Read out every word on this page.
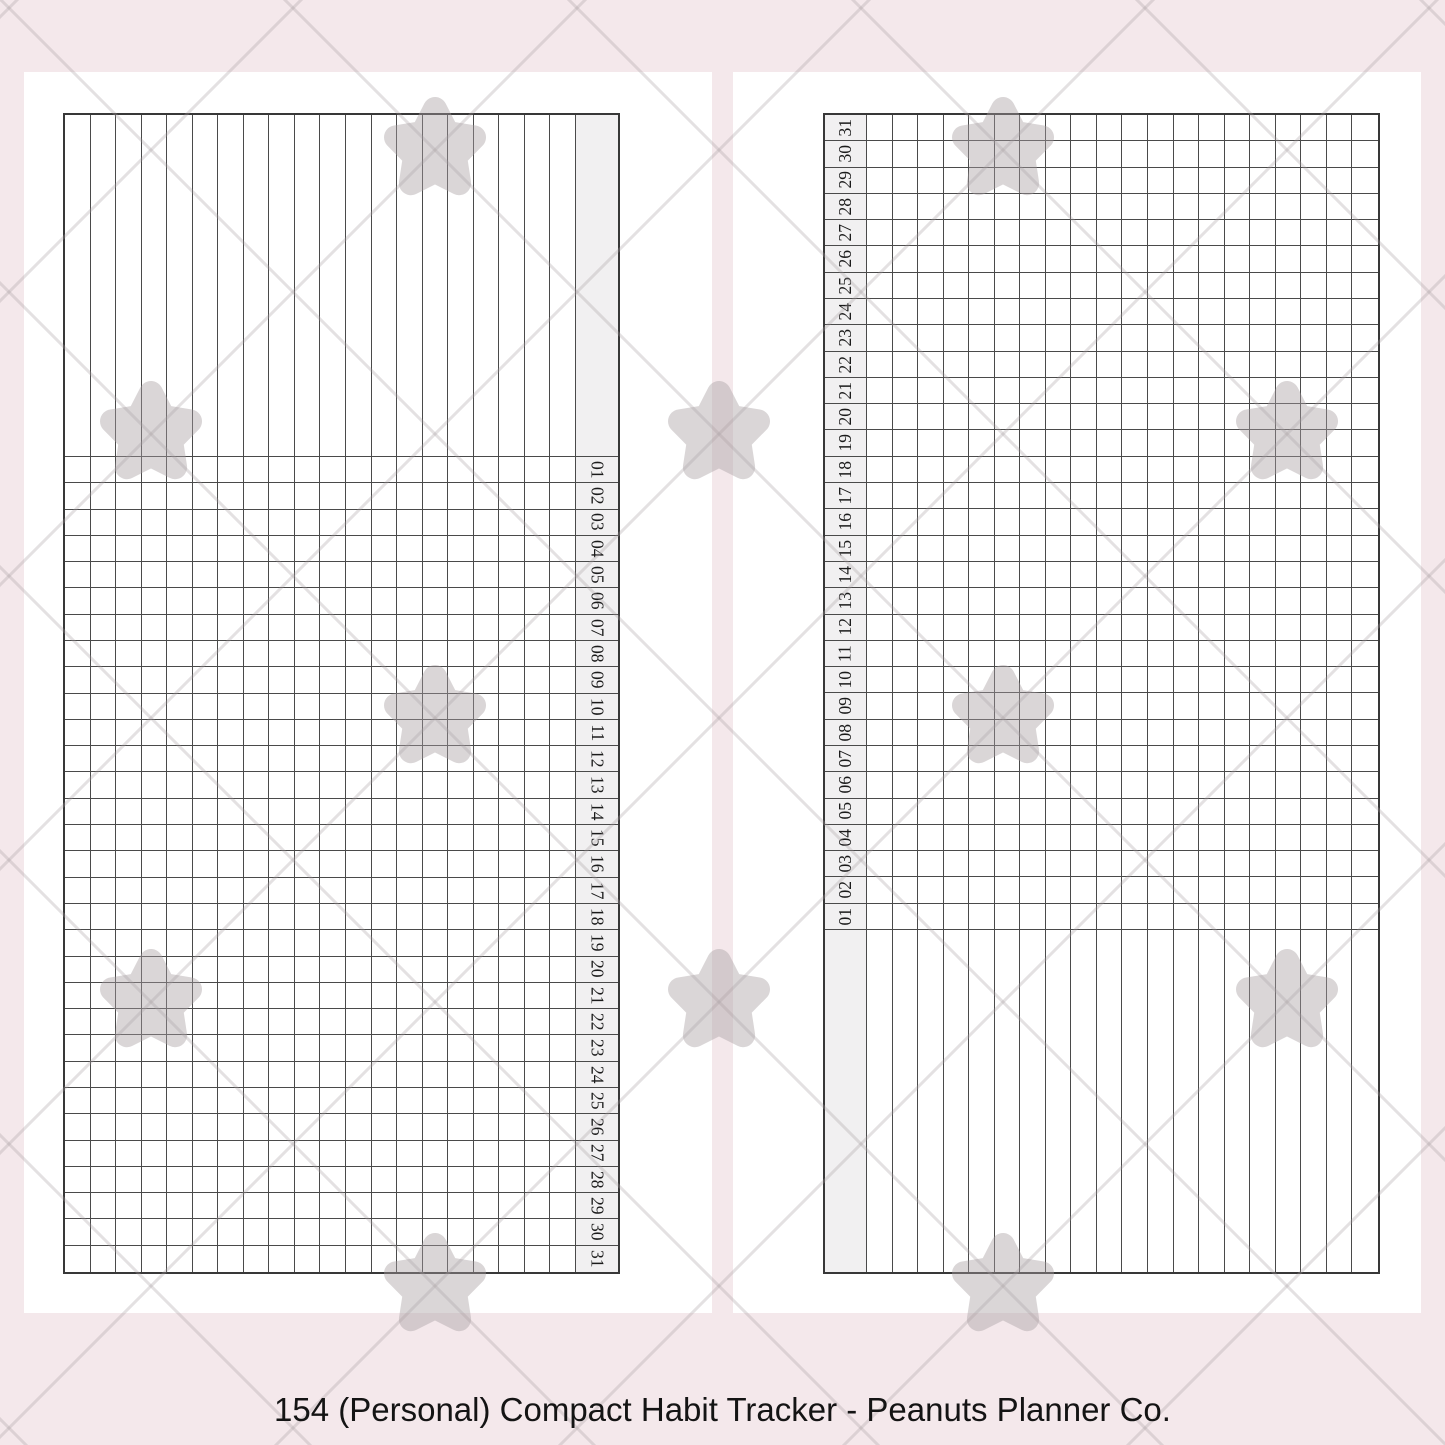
01
02
03
04
05
06
07
08
09
10
11
12
13
14
15
16
17
18
19
20
21
22
23
24
25
26
27
28
29
30
31
31
30
29
28
27
26
25
24
23
22
21
20
19
18
17
16
15
14
13
12
11
10
09
08
07
06
05
04
03
02
01
154 (Personal) Compact Habit Tracker - Peanuts Planner Co.
